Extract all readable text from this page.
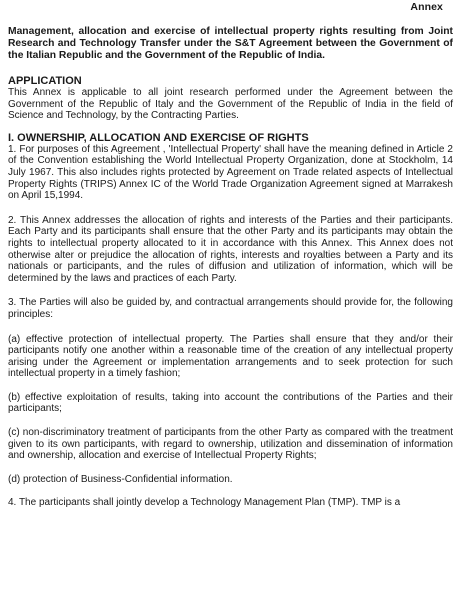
Annex

Management, allocation and exercise of intellectual property rights resulting from Joint Research and Technology Transfer under the S&T Agreement between the Government of the Italian Republic and the Government of the Republic of India.

APPLICATION

This Annex is applicable to all joint research performed under the Agreement between the Government of the Republic of Italy and the Government of the Republic of India in the field of Science and Technology, by the Contracting Parties.

I. OWNERSHIP, ALLOCATION AND EXERCISE OF RIGHTS

1. For purposes of this Agreement , 'Intellectual Property' shall have the meaning defined in Article 2 of the Convention establishing the World Intellectual Property Organization, done at Stockholm, 14 July 1967. This also includes rights protected by Agreement on Trade related aspects of Intellectual Property Rights (TRIPS) Annex IC of the World Trade Organization Agreement signed at Marrakesh on April 15,1994.

2. This Annex addresses the allocation of rights and interests of the Parties and their participants. Each Party and its participants shall ensure that the other Party and its participants may obtain the rights to intellectual property allocated to it in accordance with this Annex. This Annex does not otherwise alter or prejudice the allocation of rights, interests and royalties between a Party and its nationals or participants, and the rules of diffusion and utilization of information, which will be determined by the laws and practices of each Party.

3. The Parties will also be guided by, and contractual arrangements should provide for, the following principles:

(a) effective protection of intellectual property. The Parties shall ensure that they and/or their participants notify one another within a reasonable time of the creation of any intellectual property arising under the Agreement or implementation arrangements and to seek protection for such intellectual property in a timely fashion;

(b) effective exploitation of results, taking into account the contributions of the Parties and their participants;

(c) non-discriminatory treatment of participants from the other Party as compared with the treatment given to its own participants, with regard to ownership, utilization and dissemination of information and ownership, allocation and exercise of Intellectual Property Rights;

(d) protection of Business-Confidential information.

4. The participants shall jointly develop a Technology Management Plan (TMP). TMP is a
